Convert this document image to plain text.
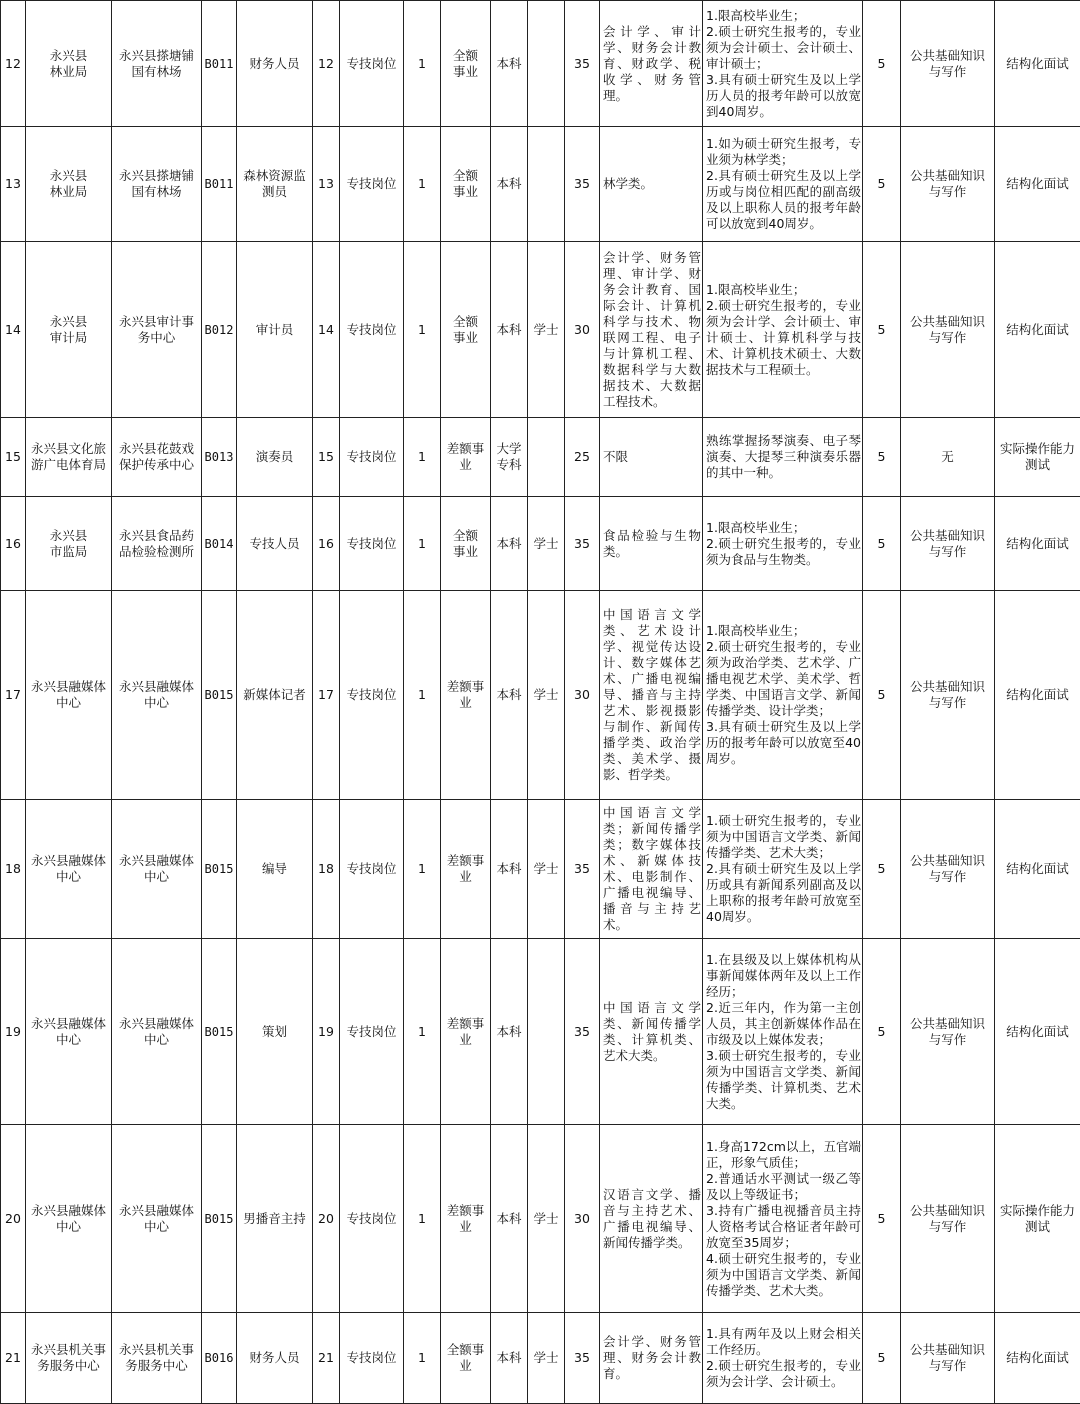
12	永兴县
林业局	永兴县搽塘铺
国有林场	B011	财务人员	12	专技岗位	1	全额
事业	本科		35	会计学、审计学、财务会计教育、财政学、税收学、财务管理。	1.限高校毕业生；
2.硕士研究生报考的，专业须为会计硕士、会计硕士、审计硕士；
3.具有硕士研究生及以上学历人员的报考年龄可以放宽到40周岁。	5	公共基础知识
与写作	结构化面试
13	永兴县
林业局	永兴县搽塘铺
国有林场	B011	森林资源监
测员	13	专技岗位	1	全额
事业	本科		35	林学类。	1.如为硕士研究生报考，专业须为林学类；
2.具有硕士研究生及以上学历或与岗位相匹配的副高级及以上职称人员的报考年龄可以放宽到40周岁。	5	公共基础知识
与写作	结构化面试
14	永兴县
审计局	永兴县审计事
务中心	B012	审计员	14	专技岗位	1	全额
事业	本科	学士	30	会计学、财务管理、审计学、财务会计教育、国际会计、计算机科学与技术、物联网工程、电子与计算机工程、数据科学与大数据技术、大数据工程技术。	1.限高校毕业生；
2.硕士研究生报考的，专业须为会计学、会计硕士、审计硕士、计算机科学与技术、计算机技术硕士、大数据技术与工程硕士。	5	公共基础知识
与写作	结构化面试
15	永兴县文化旅
游广电体育局	永兴县花鼓戏
保护传承中心	B013	演奏员	15	专技岗位	1	差额事
业	大学
专科		25	不限	熟练掌握扬琴演奏、电子琴演奏、大提琴三种演奏乐器的其中一种。	5	无	实际操作能力
测试
16	永兴县
市监局	永兴县食品药
品检验检测所	B014	专技人员	16	专技岗位	1	全额
事业	本科	学士	35	食品检验与生物类。	1.限高校毕业生；
2.硕士研究生报考的，专业须为食品与生物类。	5	公共基础知识
与写作	结构化面试
17	永兴县融媒体
中心	永兴县融媒体
中心	B015	新媒体记者	17	专技岗位	1	差额事
业	本科	学士	30	中国语言文学类、艺术设计学、视觉传达设计、数字媒体艺术、广播电视编导、播音与主持艺术、影视摄影与制作、新闻传播学类、政治学类、美术学、摄影、哲学类。	1.限高校毕业生；
2.硕士研究生报考的，专业须为政治学类、艺术学、广播电视艺术学、美术学、哲学类、中国语言文学、新闻传播学类、设计学类；
3.具有硕士研究生及以上学历的报考年龄可以放宽至40周岁。	5	公共基础知识
与写作	结构化面试
18	永兴县融媒体
中心	永兴县融媒体
中心	B015	编导	18	专技岗位	1	差额事
业	本科	学士	35	中国语言文学类；新闻传播学类；数字媒体技术、新媒体技术、电影制作、广播电视编导、播音与主持艺术。	1.硕士研究生报考的，专业须为中国语言文学类、新闻传播学类、艺术大类；
2.具有硕士研究生及以上学历或具有新闻系列副高及以上职称的报考年龄可放宽至40周岁。	5	公共基础知识
与写作	结构化面试
19	永兴县融媒体
中心	永兴县融媒体
中心	B015	策划	19	专技岗位	1	差额事
业	本科		35	中国语言文学类、新闻传播学类、计算机类、艺术大类。	1.在县级及以上媒体机构从事新闻媒体两年及以上工作经历；
2.近三年内，作为第一主创人员，其主创新媒体作品在市级及以上媒体发表；
3.硕士研究生报考的，专业须为中国语言文学类、新闻传播学类、计算机类、艺术大类。	5	公共基础知识
与写作	结构化面试
20	永兴县融媒体
中心	永兴县融媒体
中心	B015	男播音主持	20	专技岗位	1	差额事
业	本科	学士	30	汉语言文学、播音与主持艺术、广播电视编导、新闻传播学类。	1.身高172cm以上，五官端正，形象气质佳；
2.普通话水平测试一级乙等及以上等级证书；
3.持有广播电视播音员主持人资格考试合格证者年龄可放宽至35周岁；
4.硕士研究生报考的，专业须为中国语言文学类、新闻传播学类、艺术大类。	5	公共基础知识
与写作	实际操作能力
测试
21	永兴县机关事
务服务中心	永兴县机关事
务服务中心	B016	财务人员	21	专技岗位	1	全额事
业	本科	学士	35	会计学、财务管理、财务会计教育。	1.具有两年及以上财会相关工作经历。
2.硕士研究生报考的，专业须为会计学、会计硕士。	5	公共基础知识
与写作	结构化面试
